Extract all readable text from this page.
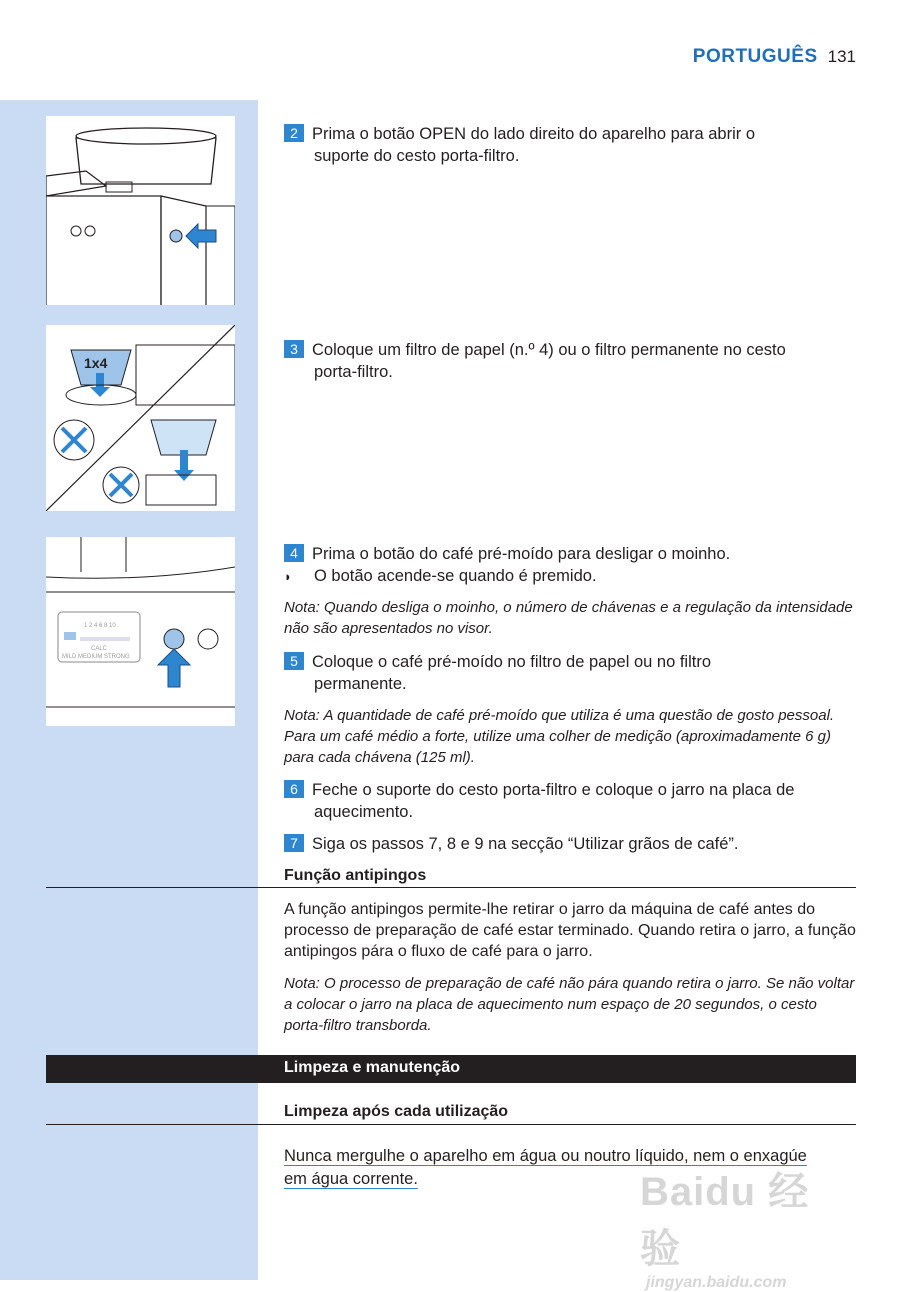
PORTUGUÊS 131
1x4
1 2 4 6 8 10
CALC
MILD MEDIUM STRONG
2 Prima o botão OPEN do lado direito do aparelho para abrir o
suporte do cesto porta-filtro.
3 Coloque um filtro de papel (n.º 4) ou o filtro permanente no cesto
porta-filtro.
4 Prima o botão do café pré-moído para desligar o moinho.
◗ O botão acende-se quando é premido.
Nota: Quando desliga o moinho, o número de chávenas e a regulação da intensidade não são apresentados no visor.
5 Coloque o café pré-moído no filtro de papel ou no filtro
permanente.
Nota: A quantidade de café pré-moído que utiliza é uma questão de gosto pessoal. Para um café médio a forte, utilize uma colher de medição (aproximadamente 6 g) para cada chávena (125 ml).
6 Feche o suporte do cesto porta-filtro e coloque o jarro na placa de
aquecimento.
7 Siga os passos 7, 8 e 9 na secção “Utilizar grãos de café”.
Função antipingos
A função antipingos permite-lhe retirar o jarro da máquina de café antes do processo de preparação de café estar terminado. Quando retira o jarro, a função antipingos pára o fluxo de café para o jarro.
Nota: O processo de preparação de café não pára quando retira o jarro. Se não voltar a colocar o jarro na placa de aquecimento num espaço de 20 segundos, o cesto porta-filtro transborda.
Limpeza e manutenção
Limpeza após cada utilização
Nunca mergulhe o aparelho em água ou noutro líquido, nem o enxagúe
em água corrente.	Baidu 经验
jingyan.baidu.com
